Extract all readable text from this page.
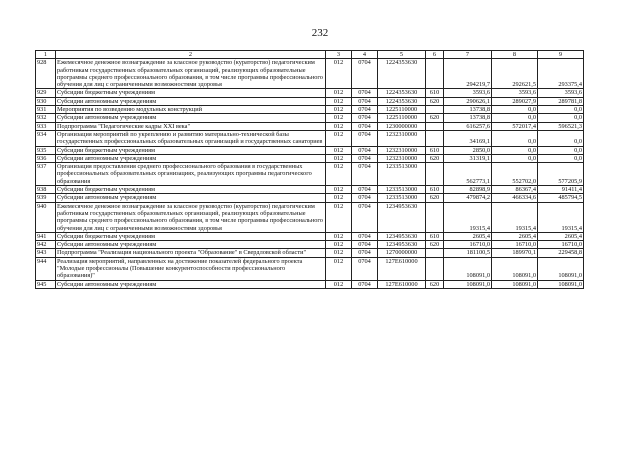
232
1	2	3	4	5	6	7	8	9
928	Ежемесячное денежное вознаграждение за классное руководство (кураторство) педагогическим работникам государственных образовательных организаций, реализующих образовательные программы среднего профессионального образования, в том числе программы профессионального обучения для лиц с ограниченными возможностями здоровья	012	0704	1224353630		294219,7	292621,5	293375,4
929	Субсидии бюджетным учреждениям	012	0704	1224353630	610	3593,6	3593,6	3593,6
930	Субсидии автономным учреждениям	012	0704	1224353630	620	290626,1	289027,9	289781,8
931	Мероприятия по возведению модульных конструкций	012	0704	1225110000		13738,8	0,0	0,0
932	Субсидии автономным учреждениям	012	0704	1225110000	620	13738,8	0,0	0,0
933	Подпрограмма "Педагогические кадры XXI века"	012	0704	1230000000		616257,6	572017,4	596521,3
934	Организация мероприятий по укреплению и развитию материально-технической базы государственных профессиональных образовательных организаций и государственных санаториев	012	0704	1232310000		34169,1	0,0	0,0
935	Субсидии бюджетным учреждениям	012	0704	1232310000	610	2850,0	0,0	0,0
936	Субсидии автономным учреждениям	012	0704	1232310000	620	31319,1	0,0	0,0
937	Организация предоставления среднего профессионального образования в государственных профессиональных образовательных организациях, реализующих программы педагогического образования	012	0704	1233513000		562773,1	552702,0	577205,9
938	Субсидии бюджетным учреждениям	012	0704	1233513000	610	82898,9	86367,4	91411,4
939	Субсидии автономным учреждениям	012	0704	1233513000	620	479874,2	466334,6	485794,5
940	Ежемесячное денежное вознаграждение за классное руководство (кураторство) педагогическим работникам государственных образовательных организаций, реализующих образовательные программы среднего профессионального образования, в том числе программы профессионального обучения для лиц с ограниченными возможностями здоровья	012	0704	1234953630		19315,4	19315,4	19315,4
941	Субсидии бюджетным учреждениям	012	0704	1234953630	610	2605,4	2605,4	2605,4
942	Субсидии автономным учреждениям	012	0704	1234953630	620	16710,0	16710,0	16710,0
943	Подпрограмма "Реализация национального проекта "Образование" в Свердловской области"	012	0704	1270000000		181100,5	189970,1	229458,8
944	Реализация мероприятий, направленных на достижение показателей федерального проекта "Молодые профессионалы (Повышение конкурентоспособности профессионального образования)"	012	0704	127Е610000		108091,0	108091,0	108091,0
945	Субсидии автономным учреждениям	012	0704	127Е610000	620	108091,0	108091,0	108091,0
